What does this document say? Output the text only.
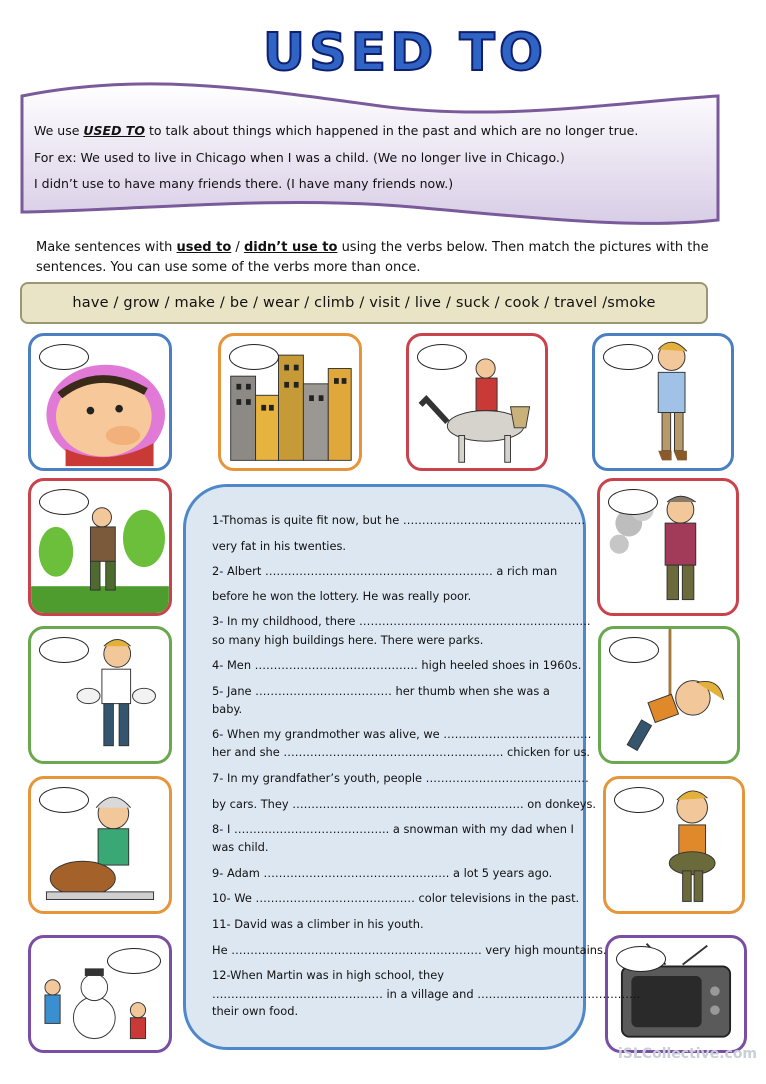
USED TO
We use USED TO to talk about things which happened in the past and which are no longer true.
For ex: We used to live in Chicago when I was a child. (We no longer live in Chicago.)
I didn’t use to have many friends there. (I have many friends now.)
Make sentences with used to / didn’t use to using the verbs below. Then match the pictures with the sentences. You can use some of the verbs more than once.
have / grow / make / be / wear / climb / visit / live / suck / cook / travel /smoke
1-Thomas is quite fit now, but he …………………………………………
very fat in his twenties.
2- Albert …………………………………………………… a rich man
before he won the lottery. He was really poor.
3- In my childhood, there …………………………………………………….
so many high buildings here. There were parks.
4- Men ……………………………………. high heeled shoes in 1960s.
5- Jane ……………………………… her thumb when she was a
baby.
6- When my grandmother was alive, we …………………………………
her and she …………………………………………………. chicken for us.
7- In my grandfather’s youth, people …………………………………….
by cars. They ……………………………………………………. on donkeys.
8- I ………………………………….. a snowman with my dad when I
was child.
9- Adam …………………………………………. a lot 5 years ago.
10- We …………………………………… color televisions in the past.
11- David was a climber in his youth.
He ………………………………………………………… very high mountains.
12-When Martin was in high school, they
……………………………………… in a village and …………………………………….
their own food.
iSLCollective.com
